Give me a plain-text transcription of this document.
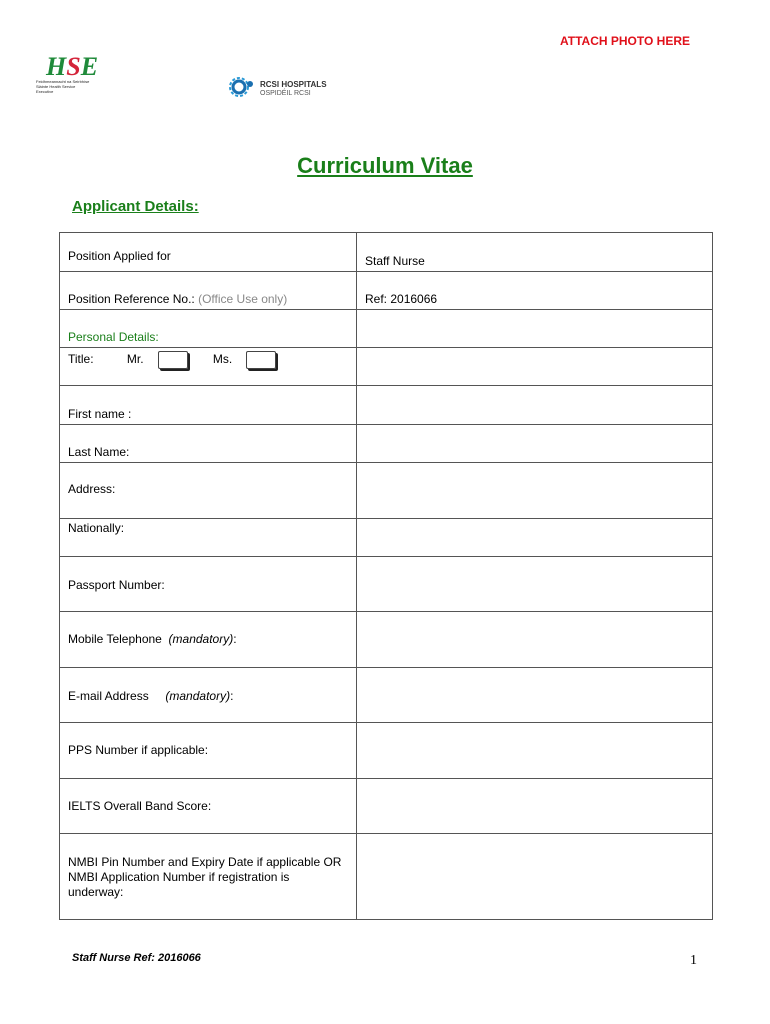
ATTACH PHOTO HERE
HSE
Feidhmeannacht na Seirbhíse Sláinte Health Service Executive
RCSI HOSPITALS
OSPIDÉIL RCSI
Curriculum Vitae
Applicant Details:
Position Applied for	Staff Nurse
Position Reference No.: (Office Use only)	Ref: 2016066
Personal Details:	
Title: Mr. Ms.	
First name :	
Last Name:	
Address:	
Nationally:	
Passport Number:	
Mobile Telephone (mandatory):	
E-mail Address (mandatory):	
PPS Number if applicable:	
IELTS Overall Band Score:	
NMBI Pin Number and Expiry Date if applicable OR NMBI Application Number if registration is underway:	
Staff Nurse Ref: 2016066	1
